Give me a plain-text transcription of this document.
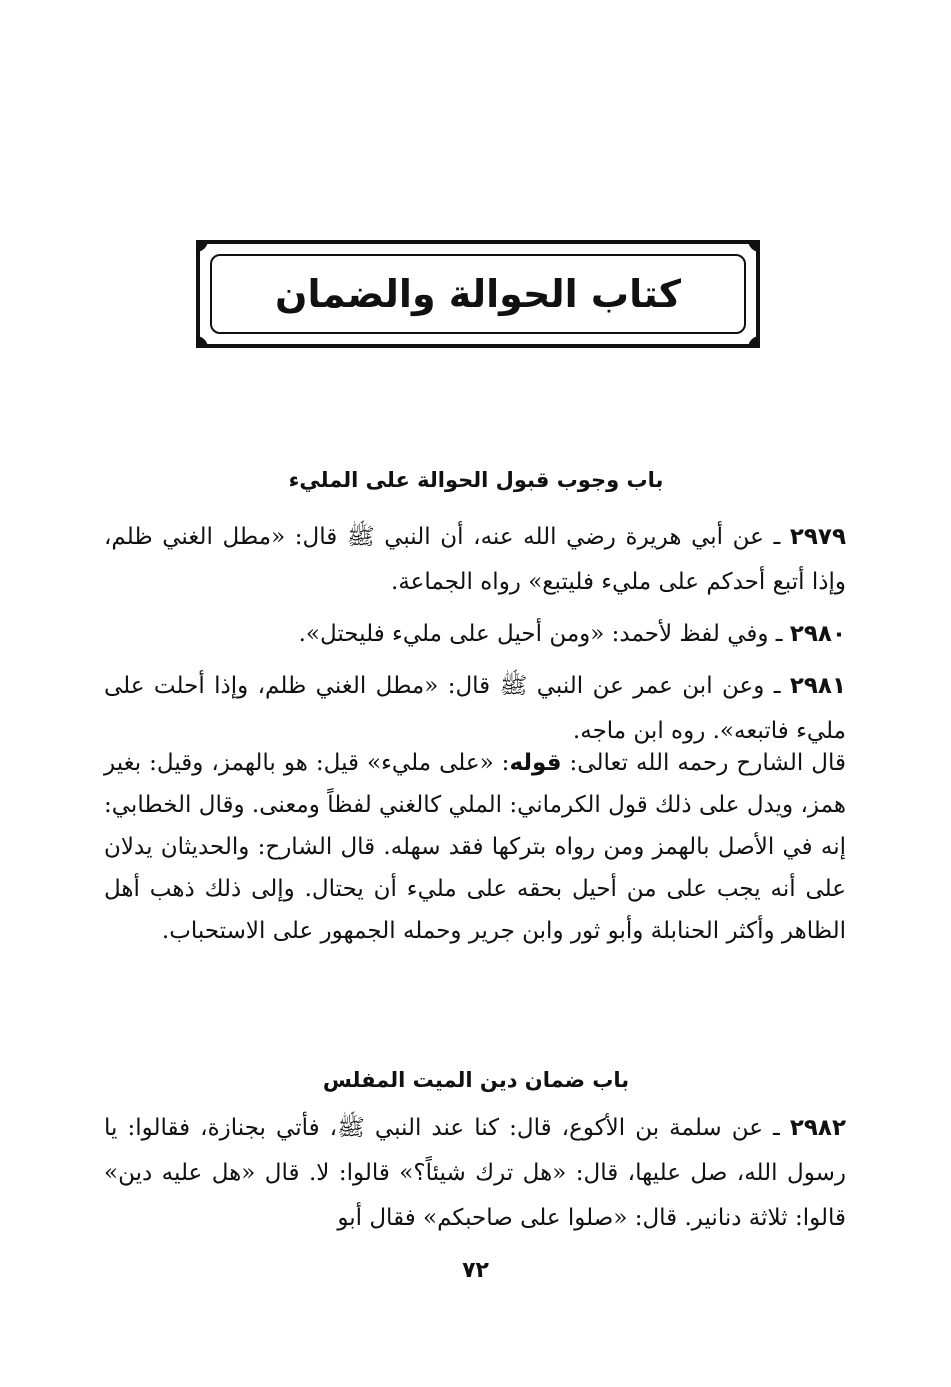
كتاب الحوالة والضمان
باب وجوب قبول الحوالة على المليء

٢٩٧٩ ـ عن أبي هريرة رضي الله عنه، أن النبي ﷺ قال: «مطل الغني ظلم، وإذا أتبع أحدكم على مليء فليتبع» رواه الجماعة.

٢٩٨٠ ـ وفي لفظ لأحمد: «ومن أحيل على مليء فليحتل».

٢٩٨١ ـ وعن ابن عمر عن النبي ﷺ قال: «مطل الغني ظلم، وإذا أحلت على مليء فاتبعه». روه ابن ماجه.

قال الشارح رحمه الله تعالى: قوله: «على مليء» قيل: هو بالهمز، وقيل: بغير همز، ويدل على ذلك قول الكرماني: الملي كالغني لفظاً ومعنى. وقال الخطابي: إنه في الأصل بالهمز ومن رواه بتركها فقد سهله. قال الشارح: والحديثان يدلان على أنه يجب على من أحيل بحقه على مليء أن يحتال. وإلى ذلك ذهب أهل الظاهر وأكثر الحنابلة وأبو ثور وابن جرير وحمله الجمهور على الاستحباب.

باب ضمان دين الميت المفلس

٢٩٨٢ ـ عن سلمة بن الأكوع، قال: كنا عند النبي ﷺ، فأتي بجنازة، فقالوا: يا رسول الله، صل عليها، قال: «هل ترك شيئاً؟» قالوا: لا. قال «هل عليه دين» قالوا: ثلاثة دنانير. قال: «صلوا على صاحبكم» فقال أبو

٧٢
